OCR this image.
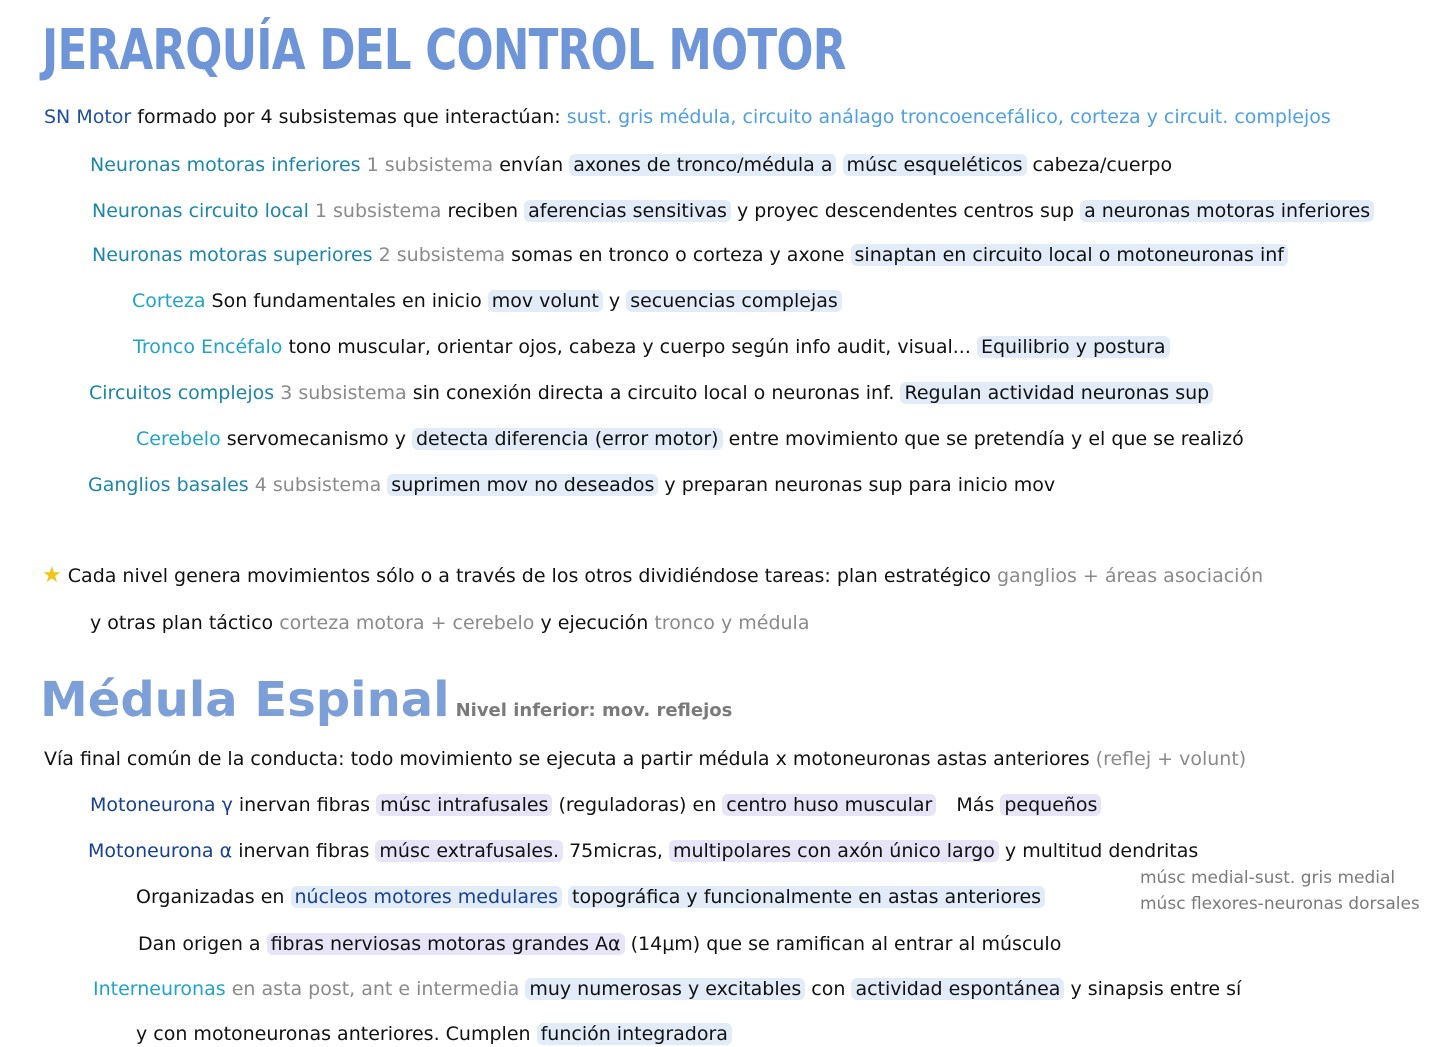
JERARQUÍA DEL CONTROL MOTOR
SN Motor formado por 4 subsistemas que interactúan: sust. gris médula, circuito análago troncoencefálico, corteza y circuit. complejos
Neuronas motoras inferiores 1 subsistema envían axones de tronco/médula a músc esqueléticos cabeza/cuerpo
Neuronas circuito local 1 subsistema reciben aferencias sensitivas y proyec descendentes centros sup a neuronas motoras inferiores
Neuronas motoras superiores 2 subsistema somas en tronco o corteza y axone sinaptan en circuito local o motoneuronas inf
Corteza Son fundamentales en inicio mov volunt y secuencias complejas
Tronco Encéfalo tono muscular, orientar ojos, cabeza y cuerpo según info audit, visual... Equilibrio y postura
Circuitos complejos 3 subsistema sin conexión directa a circuito local o neuronas inf. Regulan actividad neuronas sup
Cerebelo servomecanismo y detecta diferencia (error motor) entre movimiento que se pretendía y el que se realizó
Ganglios basales 4 subsistema suprimen mov no deseados y preparan neuronas sup para inicio mov
★ Cada nivel genera movimientos sólo o a través de los otros dividiéndose tareas: plan estratégico ganglios + áreas asociación
y otras plan táctico corteza motora + cerebelo y ejecución tronco y médula
Médula Espinal Nivel inferior: mov. reflejos
Vía final común de la conducta: todo movimiento se ejecuta a partir médula x motoneuronas astas anteriores (reflej + volunt)
Motoneurona γ inervan fibras músc intrafusales (reguladoras) en centro huso muscular Más pequeños
Motoneurona α inervan fibras músc extrafusales. 75micras, multipolares con axón único largo y multitud dendritas
Organizadas en núcleos motores medulares topográfica y funcionalmente en astas anteriores
músc medial-sust. gris medial
músc flexores-neuronas dorsales
Dan origen a fibras nerviosas motoras grandes Aα (14μm) que se ramifican al entrar al músculo
Interneuronas en asta post, ant e intermedia muy numerosas y excitables con actividad espontánea y sinapsis entre sí
y con motoneuronas anteriores. Cumplen función integradora
